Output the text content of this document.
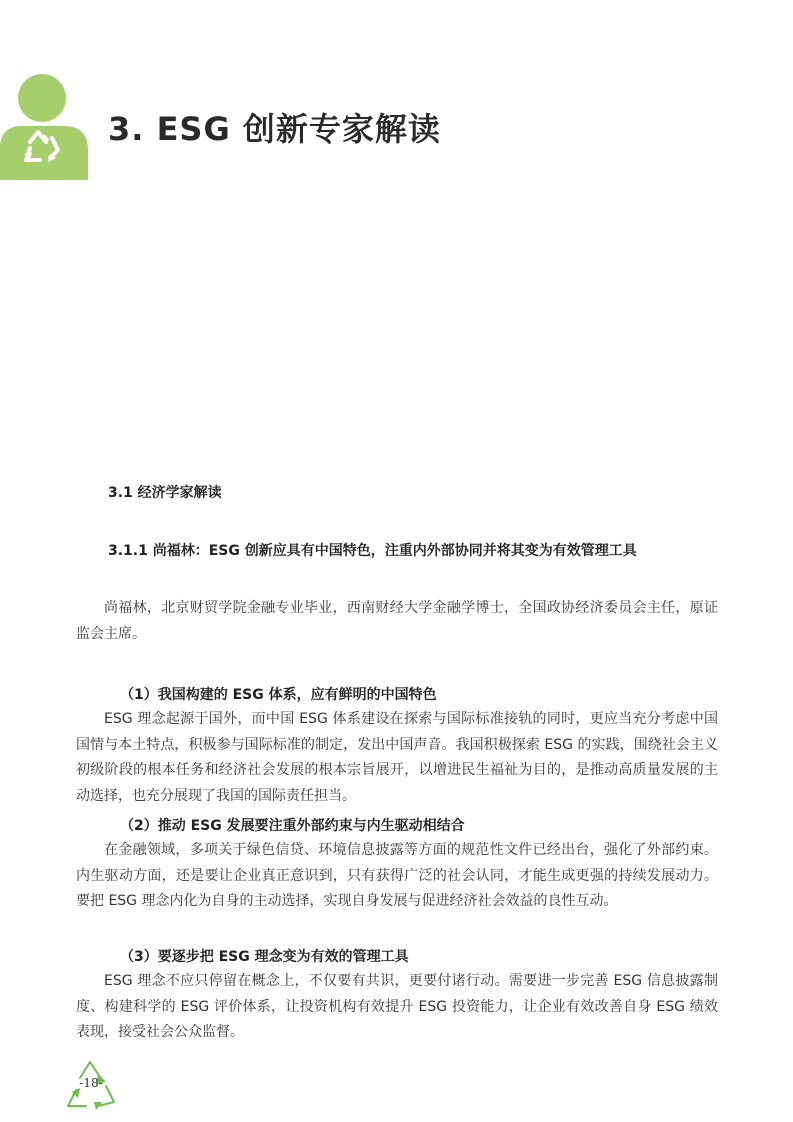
3. ESG 创新专家解读
3.1 经济学家解读
3.1.1 尚福林：ESG 创新应具有中国特色，注重内外部协同并将其变为有效管理工具

尚福林，北京财贸学院金融专业毕业，西南财经大学金融学博士，全国政协经济委员会主任，原证监会主席。

（1）我国构建的 ESG 体系，应有鲜明的中国特色

ESG 理念起源于国外，而中国 ESG 体系建设在探索与国际标准接轨的同时，更应当充分考虑中国国情与本土特点，积极参与国际标准的制定，发出中国声音。我国积极探索 ESG 的实践，围绕社会主义初级阶段的根本任务和经济社会发展的根本宗旨展开，以增进民生福祉为目的，是推动高质量发展的主动选择，也充分展现了我国的国际责任担当。

（2）推动 ESG 发展要注重外部约束与内生驱动相结合

在金融领域，多项关于绿色信贷、环境信息披露等方面的规范性文件已经出台，强化了外部约束。内生驱动方面，还是要让企业真正意识到，只有获得广泛的社会认同，才能生成更强的持续发展动力。要把 ESG 理念内化为自身的主动选择，实现自身发展与促进经济社会效益的良性互动。

（3）要逐步把 ESG 理念变为有效的管理工具

ESG 理念不应只停留在概念上，不仅要有共识，更要付诸行动。需要进一步完善 ESG 信息披露制度、构建科学的 ESG 评价体系，让投资机构有效提升 ESG 投资能力，让企业有效改善自身 ESG 绩效表现，接受社会公众监督。

-18-
